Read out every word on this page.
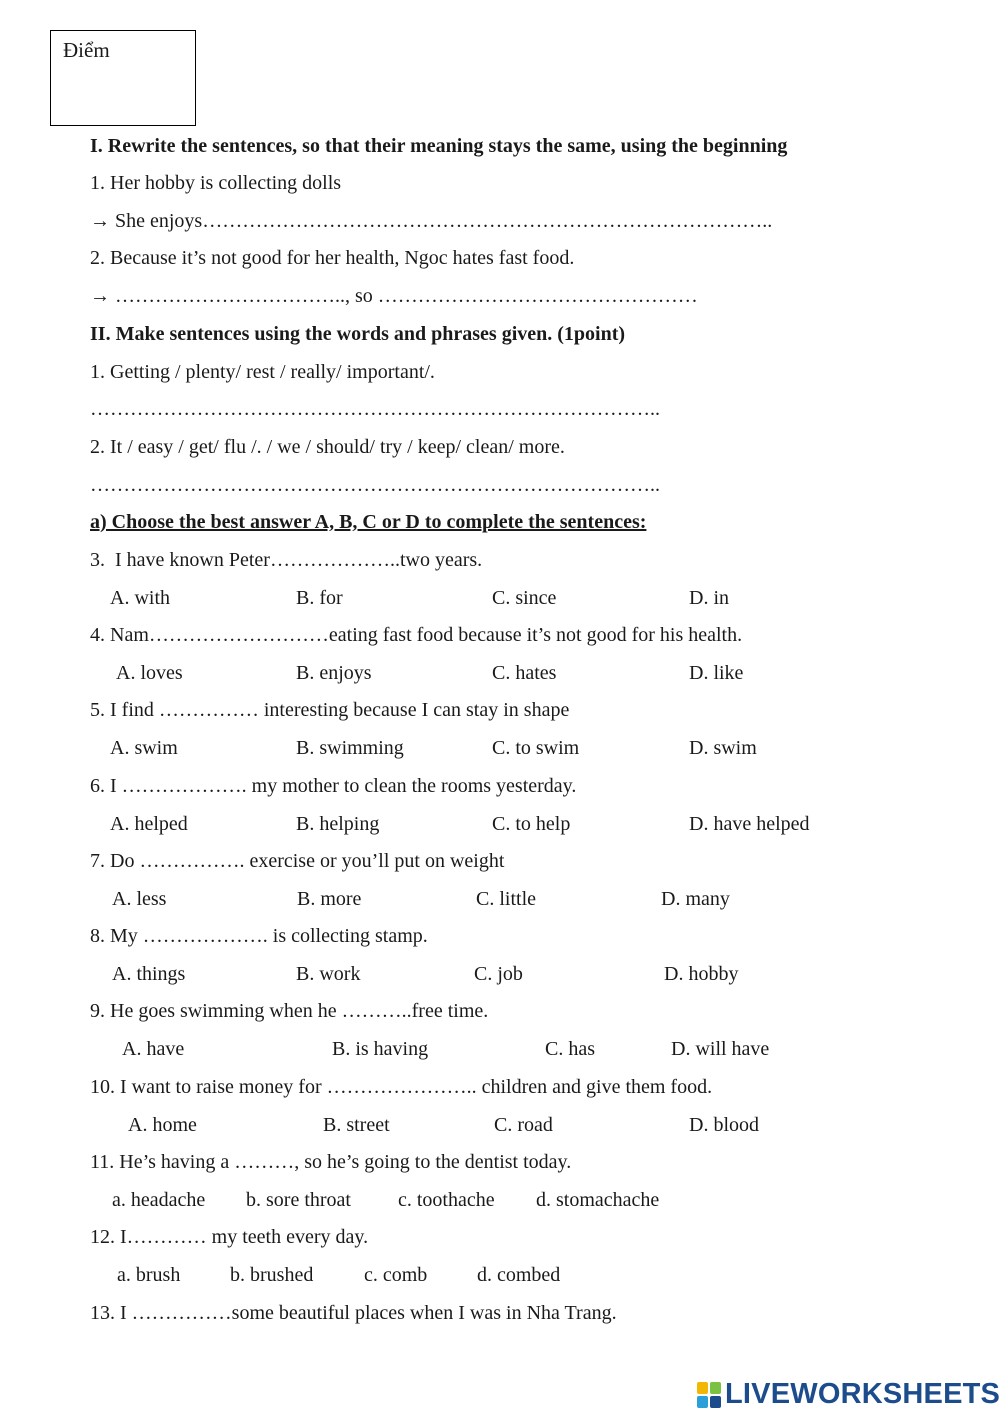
Điểm
I. Rewrite the sentences, so that their meaning stays the same, using the beginning
1. Her hobby is collecting dolls
→ She enjoys…………………………………………………………………………..
2. Because it’s not good for her health, Ngoc hates fast food.
→ …………………………….., so …………………………………………
II. Make sentences using the words and phrases given. (1point)
1. Getting / plenty/ rest / really/ important/.
…………………………………………………………………………..
2. It / easy / get/ flu /. / we / should/ try / keep/ clean/ more.
…………………………………………………………………………..
a) Choose the best answer A, B, C or D to complete the sentences:
3.  I have known Peter………………..two years.
A. with	B. for	C. since	D. in
4. Nam………………………eating fast food because it’s not good for his health.
A. loves	B. enjoys	C. hates	D. like
5. I find …………… interesting because I can stay in shape
A. swim	B. swimming	C. to swim	D. swim
6. I ………………. my mother to clean the rooms yesterday.
A. helped	B. helping	C. to help	D. have helped
7. Do ……………. exercise or you’ll put on weight
A. less	B. more	C. little	D. many
8. My ………………. is collecting stamp.
A. things	B. work	C. job	D. hobby
9. He goes swimming when he ………..free time.
A. have	B. is having	C. has	D. will have
10. I want to raise money for ………………….. children and give them food.
A. home	B. street	C. road	D. blood
11. He’s having a ………, so he’s going to the dentist today.
a. headache b. sore throat c. toothache d. stomachache
12. I………… my teeth every day.
a. brush b. brushed	c. comb d. combed
13. I ……………some beautiful places when I was in Nha Trang.
LIVEWORKSHEETS
